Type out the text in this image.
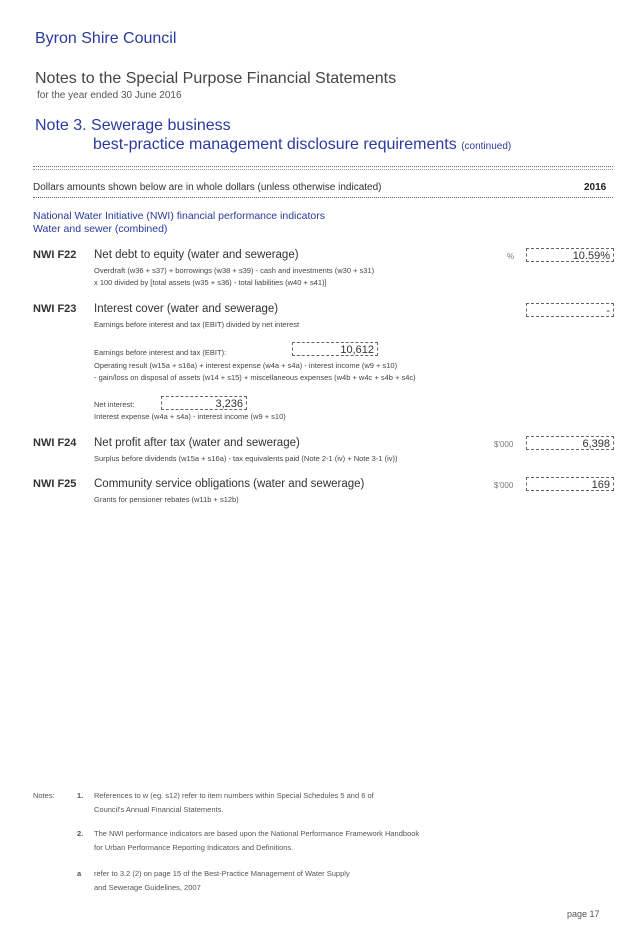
Byron Shire Council
Notes to the Special Purpose Financial Statements
for the year ended 30 June 2016
Note 3. Sewerage business
best-practice management disclosure requirements (continued)
Dollars amounts shown below are in whole dollars (unless otherwise indicated)	2016
National Water Initiative (NWI) financial performance indicators
Water and sewer (combined)
NWI F22 Net debt to equity (water and sewerage)
Overdraft (w36 + s37) + borrowings (w38 + s39) - cash and investments (w30 + s31)
x 100 divided by [total assets (w35 + s36) - total liabilities (w40 + s41)]
%	10.59%
NWI F23 Interest cover (water and sewerage)
Earnings before interest and tax (EBIT) divided by net interest
-
Earnings before interest and tax (EBIT):	10,612
Operating result (w15a + s16a) + interest expense (w4a + s4a) - interest income (w9 + s10)
- gain/loss on disposal of assets (w14 + s15) + miscellaneous expenses (w4b + w4c + s4b + s4c)
Net interest:	3,236
Interest expense (w4a + s4a) - interest income (w9 + s10)
NWI F24 Net profit after tax (water and sewerage)
Surplus before dividends (w15a + s16a) - tax equivalents paid (Note 2-1 (iv) + Note 3-1 (iv))
$'000	6,398
NWI F25 Community service obligations (water and sewerage)
Grants for pensioner rebates (w11b + s12b)
$'000	169
Notes:	1. References to w (eg. s12) refer to item numbers within Special Schedules 5 and 6 of
Council's Annual Financial Statements.
2. The NWI performance indicators are based upon the National Performance Framework Handbook
for Urban Performance Reporting Indicators and Definitions.
a refer to 3.2 (2) on page 15 of the Best-Practice Management of Water Supply
and Sewerage Guidelines, 2007
page 17
